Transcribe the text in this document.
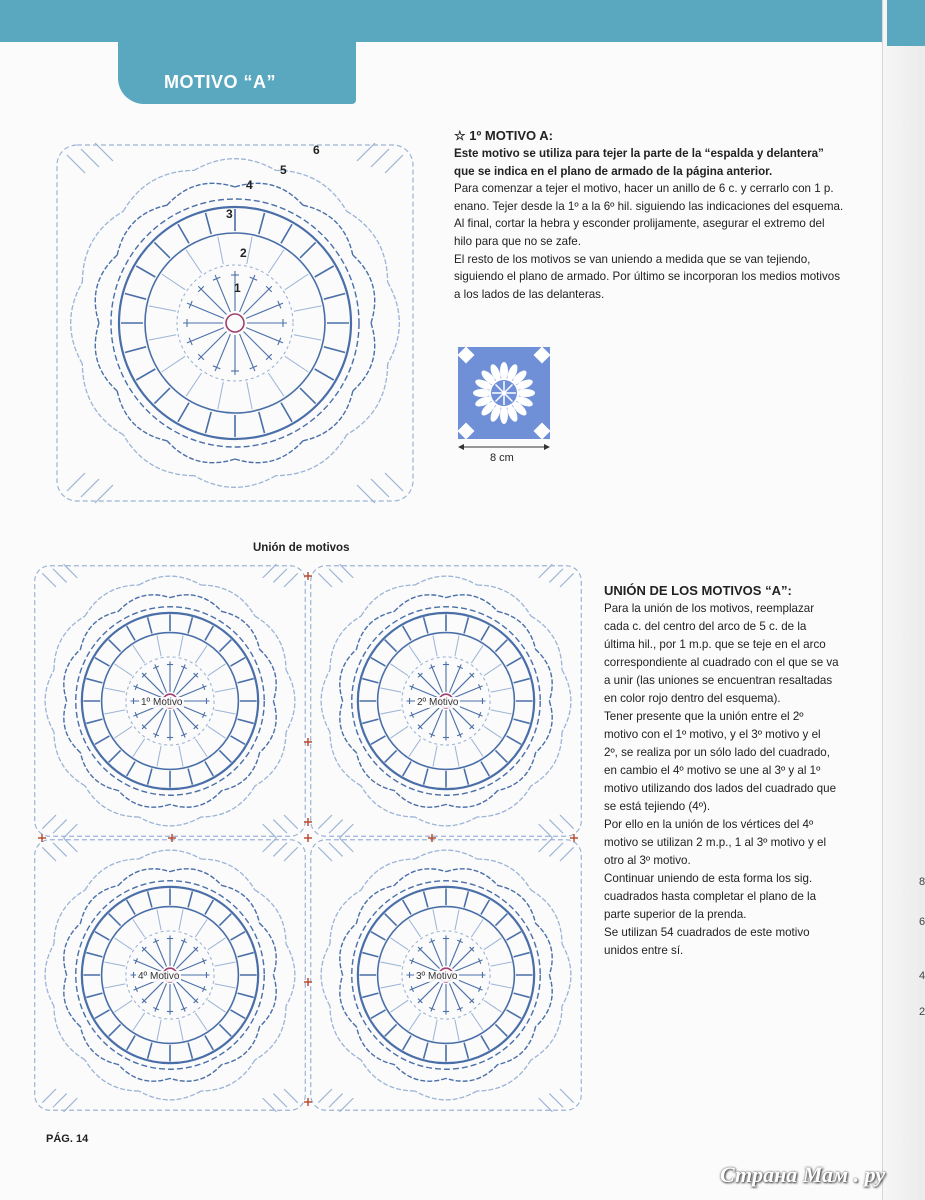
MOTIVO “A”
8
6
4
2
6
5
4
3
2
1
☆ 1º MOTIVO A:

Este motivo se utiliza para tejer la parte de la “espalda y delantera”

que se indica en el plano de armado de la página anterior.

Para comenzar a tejer el motivo, hacer un anillo de 6 c. y cerrarlo con 1 p.

enano. Tejer desde la 1º a la 6º hil. siguiendo las indicaciones del esquema.

Al final, cortar la hebra y esconder prolijamente, asegurar el extremo del

hilo para que no se zafe.

El resto de los motivos se van uniendo a medida que se van tejiendo,

siguiendo el plano de armado. Por último se incorporan los medios motivos

a los lados de las delanteras.

8 cm
Unión de motivos
1º Motivo	2º Motivo
4º Motivo	3º Motivo
UNIÓN DE LOS MOTIVOS “A”:

Para la unión de los motivos, reemplazar

cada c. del centro del arco de 5 c. de la

última hil., por 1 m.p. que se teje en el arco

correspondiente al cuadrado con el que se va

a unir (las uniones se encuentran resaltadas

en color rojo dentro del esquema).

Tener presente que la unión entre el 2º

motivo con el 1º motivo, y el 3º motivo y el

2º, se realiza por un sólo lado del cuadrado,

en cambio el 4º motivo se une al 3º y al 1º

motivo utilizando dos lados del cuadrado que

se está tejiendo (4º).

Por ello en la unión de los vértices del 4º

motivo se utilizan 2 m.p., 1 al 3º motivo y el

otro al 3º motivo.

Continuar uniendo de esta forma los sig.

cuadrados hasta completar el plano de la

parte superior de la prenda.

Se utilizan 54 cuadrados de este motivo

unidos entre sí.

PÁG. 14
Страна Мам . ру
